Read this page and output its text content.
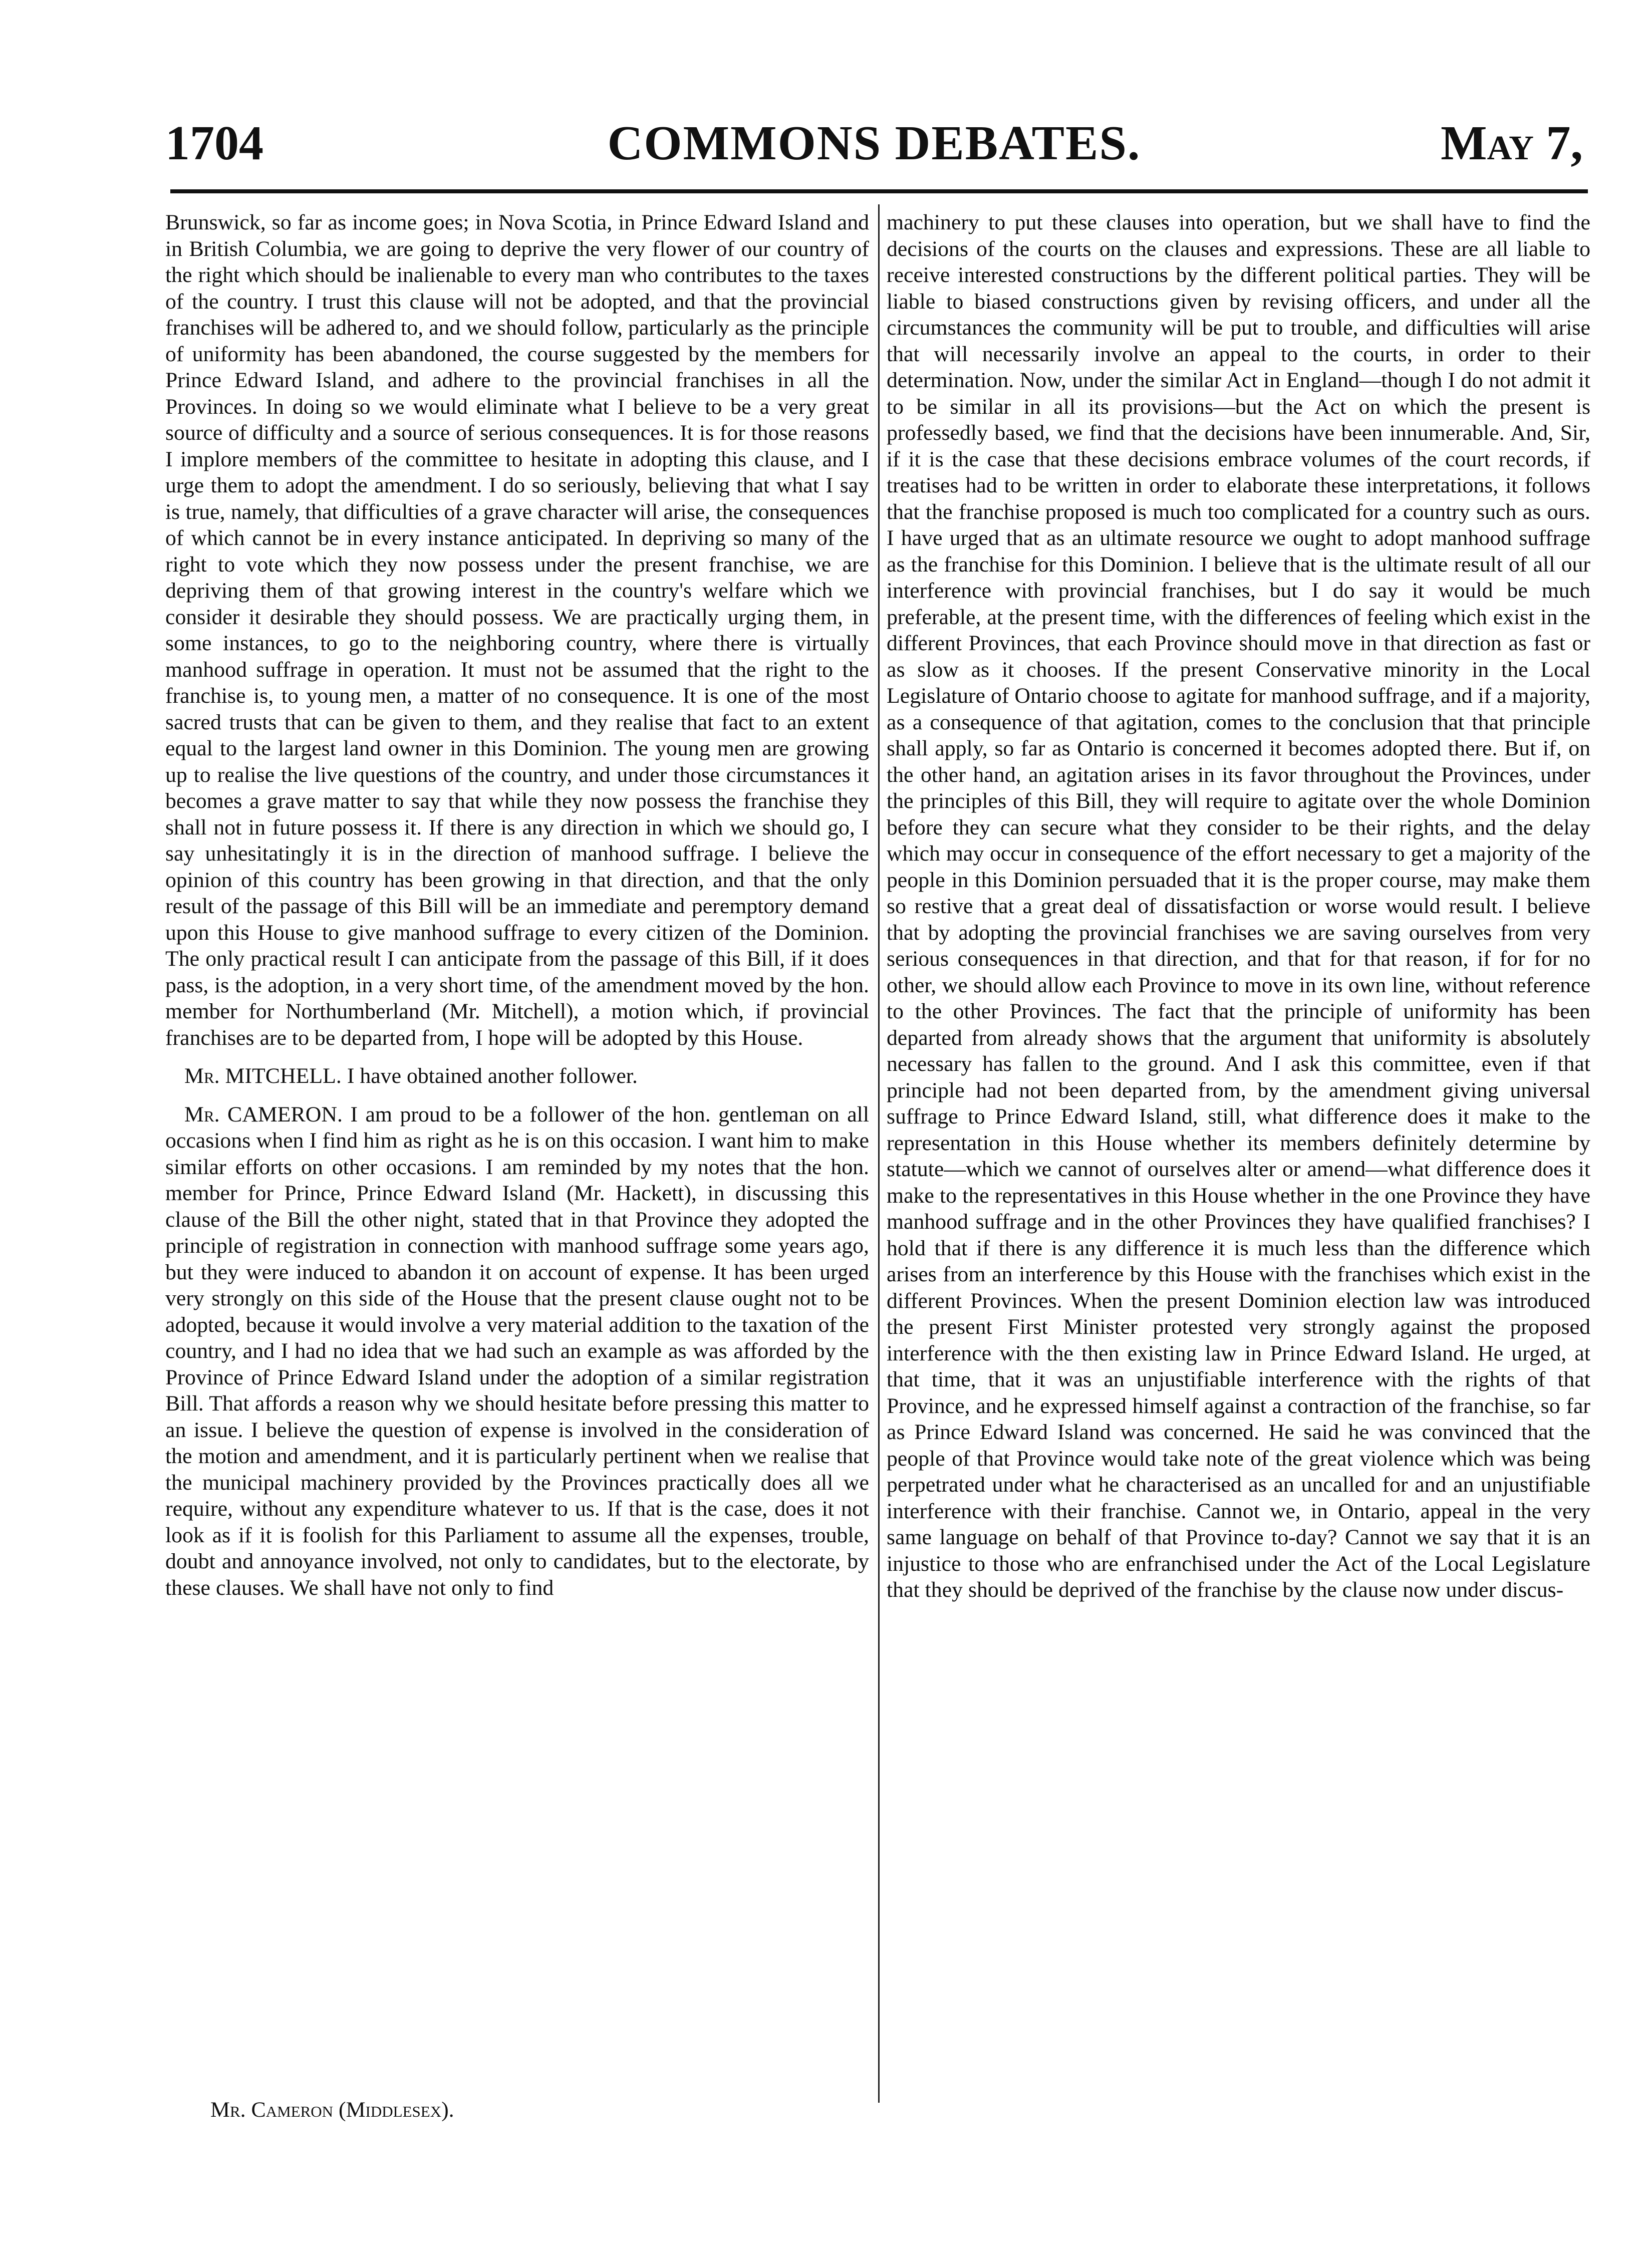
1704	COMMONS DEBATES.	May 7,

Brunswick, so far as income goes; in Nova Scotia, in Prince Edward Island and in British Columbia, we are going to deprive the very flower of our country of the right which should be inalienable to every man who contributes to the taxes of the country. I trust this clause will not be adopted, and that the provincial franchises will be adhered to, and we should follow, particularly as the principle of uniformity has been abandoned, the course suggested by the members for Prince Edward Island, and adhere to the provincial franchises in all the Provinces. In doing so we would eliminate what I believe to be a very great source of difficulty and a source of serious consequences. It is for those reasons I implore members of the committee to hesitate in adopting this clause, and I urge them to adopt the amendment. I do so seriously, believing that what I say is true, namely, that difficulties of a grave character will arise, the consequences of which cannot be in every instance anticipated. In depriving so many of the right to vote which they now possess under the present franchise, we are depriving them of that growing interest in the country's welfare which we consider it desirable they should possess. We are practically urging them, in some instances, to go to the neighboring country, where there is virtually manhood suffrage in operation. It must not be assumed that the right to the franchise is, to young men, a matter of no consequence. It is one of the most sacred trusts that can be given to them, and they realise that fact to an extent equal to the largest land owner in this Dominion. The young men are growing up to realise the live questions of the country, and under those circumstances it becomes a grave matter to say that while they now possess the franchise they shall not in future possess it. If there is any direction in which we should go, I say unhesitatingly it is in the direction of manhood suffrage. I believe the opinion of this country has been growing in that direction, and that the only result of the passage of this Bill will be an immediate and peremptory demand upon this House to give manhood suffrage to every citizen of the Dominion. The only practical result I can anticipate from the passage of this Bill, if it does pass, is the adoption, in a very short time, of the amendment moved by the hon. member for Northumberland (Mr. Mitchell), a motion which, if provincial franchises are to be departed from, I hope will be adopted by this House.

Mr. MITCHELL. I have obtained another follower.

Mr. CAMERON. I am proud to be a follower of the hon. gentleman on all occasions when I find him as right as he is on this occasion. I want him to make similar efforts on other occasions. I am reminded by my notes that the hon. member for Prince, Prince Edward Island (Mr. Hackett), in discussing this clause of the Bill the other night, stated that in that Province they adopted the principle of registration in connection with manhood suffrage some years ago, but they were induced to abandon it on account of expense. It has been urged very strongly on this side of the House that the present clause ought not to be adopted, because it would involve a very material addition to the taxation of the country, and I had no idea that we had such an example as was afforded by the Province of Prince Edward Island under the adoption of a similar registration Bill. That affords a reason why we should hesitate before pressing this matter to an issue. I believe the question of expense is involved in the consideration of the motion and amendment, and it is particularly pertinent when we realise that the municipal machinery provided by the Provinces practically does all we require, without any expenditure whatever to us. If that is the case, does it not look as if it is foolish for this Parliament to assume all the expenses, trouble, doubt and annoyance involved, not only to candidates, but to the electorate, by these clauses. We shall have not only to find

machinery to put these clauses into operation, but we shall have to find the decisions of the courts on the clauses and expressions. These are all liable to receive interested constructions by the different political parties. They will be liable to biased constructions given by revising officers, and under all the circumstances the community will be put to trouble, and difficulties will arise that will necessarily involve an appeal to the courts, in order to their determination. Now, under the similar Act in England—though I do not admit it to be similar in all its provisions—but the Act on which the present is professedly based, we find that the decisions have been innumerable. And, Sir, if it is the case that these decisions embrace volumes of the court records, if treatises had to be written in order to elaborate these interpretations, it follows that the franchise proposed is much too complicated for a country such as ours. I have urged that as an ultimate resource we ought to adopt manhood suffrage as the franchise for this Dominion. I believe that is the ultimate result of all our interference with provincial franchises, but I do say it would be much preferable, at the present time, with the differences of feeling which exist in the different Provinces, that each Province should move in that direction as fast or as slow as it chooses. If the present Conservative minority in the Local Legislature of Ontario choose to agitate for manhood suffrage, and if a majority, as a consequence of that agitation, comes to the conclusion that that principle shall apply, so far as Ontario is concerned it becomes adopted there. But if, on the other hand, an agitation arises in its favor throughout the Provinces, under the principles of this Bill, they will require to agitate over the whole Dominion before they can secure what they consider to be their rights, and the delay which may occur in consequence of the effort necessary to get a majority of the people in this Dominion persuaded that it is the proper course, may make them so restive that a great deal of dissatisfaction or worse would result. I believe that by adopting the provincial franchises we are saving ourselves from very serious consequences in that direction, and that for that reason, if for for no other, we should allow each Province to move in its own line, without reference to the other Provinces. The fact that the principle of uniformity has been departed from already shows that the argument that uniformity is absolutely necessary has fallen to the ground. And I ask this committee, even if that principle had not been departed from, by the amendment giving universal suffrage to Prince Edward Island, still, what difference does it make to the representation in this House whether its members definitely determine by statute—which we cannot of ourselves alter or amend—what difference does it make to the representatives in this House whether in the one Province they have manhood suffrage and in the other Provinces they have qualified franchises? I hold that if there is any difference it is much less than the difference which arises from an interference by this House with the franchises which exist in the different Provinces. When the present Dominion election law was introduced the present First Minister protested very strongly against the proposed interference with the then existing law in Prince Edward Island. He urged, at that time, that it was an unjustifiable interference with the rights of that Province, and he expressed himself against a contraction of the franchise, so far as Prince Edward Island was concerned. He said he was convinced that the people of that Province would take note of the great violence which was being perpetrated under what he characterised as an uncalled for and an unjustifiable interference with their franchise. Cannot we, in Ontario, appeal in the very same language on behalf of that Province to-day? Cannot we say that it is an injustice to those who are enfranchised under the Act of the Local Legislature that they should be deprived of the franchise by the clause now under discus-

Mr. Cameron (Middlesex).
